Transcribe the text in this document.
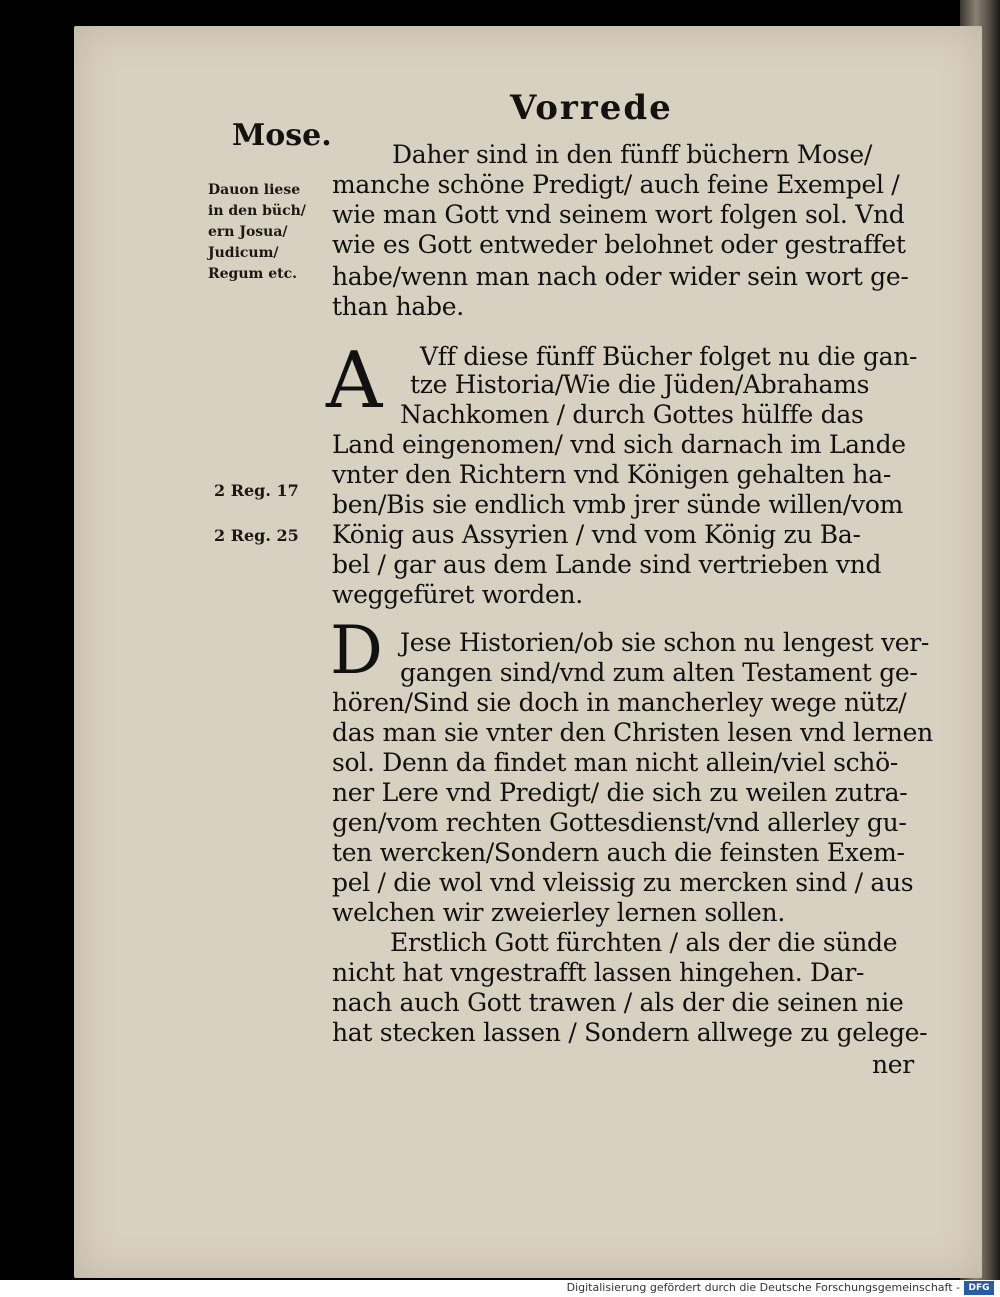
Vorrede
Mose.
Dauon liese
in den büch/
ern Josua/
Judicum/
Regum etc.
2 Reg. 17
2 Reg. 25
A
D
Daher sind in den fünff büchern Mose/
manche schöne Predigt/ auch feine Exempel /
wie man Gott vnd seinem wort folgen sol. Vnd
wie es Gott entweder belohnet oder gestraffet
habe/wenn man nach oder wider sein wort ge-
than habe.
Vff diese fünff Bücher folget nu die gan-
tze Historia/Wie die Jüden/Abrahams
Nachkomen / durch Gottes hülffe das
Land eingenomen/ vnd sich darnach im Lande
vnter den Richtern vnd Königen gehalten ha-
ben/Bis sie endlich vmb jrer sünde willen/vom
König aus Assyrien / vnd vom König zu Ba-
bel / gar aus dem Lande sind vertrieben vnd
weggefüret worden.
Jese Historien/ob sie schon nu lengest ver-
gangen sind/vnd zum alten Testament ge-
hören/Sind sie doch in mancherley wege nütz/
das man sie vnter den Christen lesen vnd lernen
sol. Denn da findet man nicht allein/viel schö-
ner Lere vnd Predigt/ die sich zu weilen zutra-
gen/vom rechten Gottesdienst/vnd allerley gu-
ten wercken/Sondern auch die feinsten Exem-
pel / die wol vnd vleissig zu mercken sind / aus
welchen wir zweierley lernen sollen.
Erstlich Gott fürchten / als der die sünde
nicht hat vngestrafft lassen hingehen. Dar-
nach auch Gott trawen / als der die seinen nie
hat stecken lassen / Sondern allwege zu gelege-
ner
Digitalisierung gefördert durch die Deutsche Forschungsgemeinschaft - DFG
